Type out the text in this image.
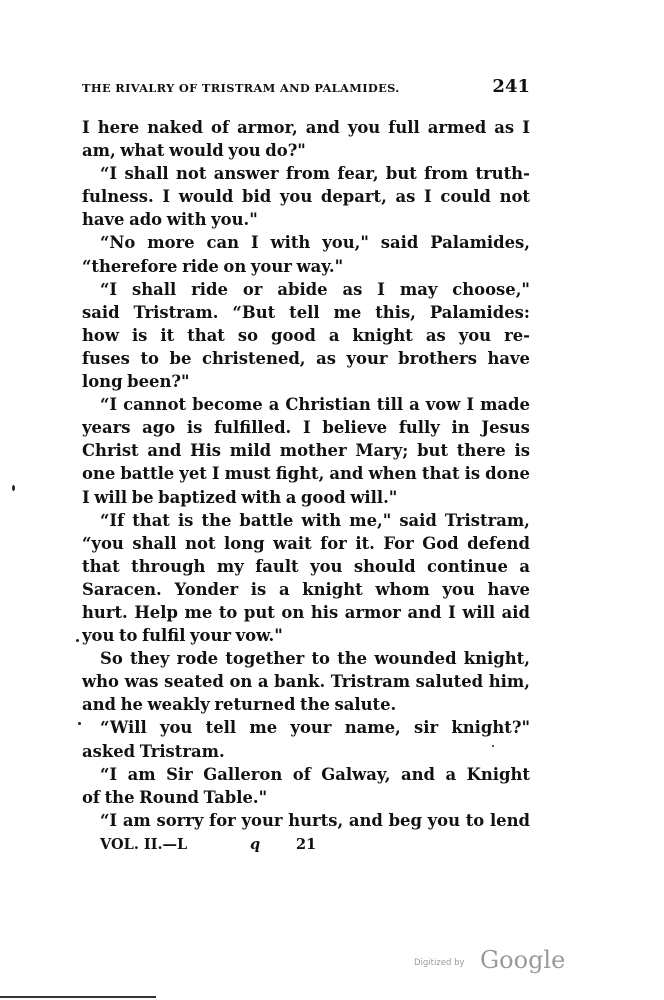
THE RIVALRY OF TRISTRAM AND PALAMIDES.	241
I here naked of armor, and you full armed as I
am, what would you do?"
“I shall not answer from fear, but from truth-
fulness. I would bid you depart, as I could not
have ado with you."
“No more can I with you," said Palamides,
“therefore ride on your way."
“I shall ride or abide as I may choose,"
said Tristram. “But tell me this, Palamides:
how is it that so good a knight as you re-
fuses to be christened, as your brothers have
long been?"
“I cannot become a Christian till a vow I made
years ago is fulfilled. I believe fully in Jesus
Christ and His mild mother Mary; but there is
one battle yet I must fight, and when that is done
I will be baptized with a good will."
“If that is the battle with me," said Tristram,
“you shall not long wait for it. For God defend
that through my fault you should continue a
Saracen. Yonder is a knight whom you have
hurt. Help me to put on his armor and I will aid
you to fulfil your vow."
So they rode together to the wounded knight,
who was seated on a bank. Tristram saluted him,
and he weakly returned the salute.
“Will you tell me your name, sir knight?"
asked Tristram.
“I am Sir Galleron of Galway, and a Knight
of the Round Table."
“I am sorry for your hurts, and beg you to lend
VOL. II.—L	q 21
Digitized by Google
